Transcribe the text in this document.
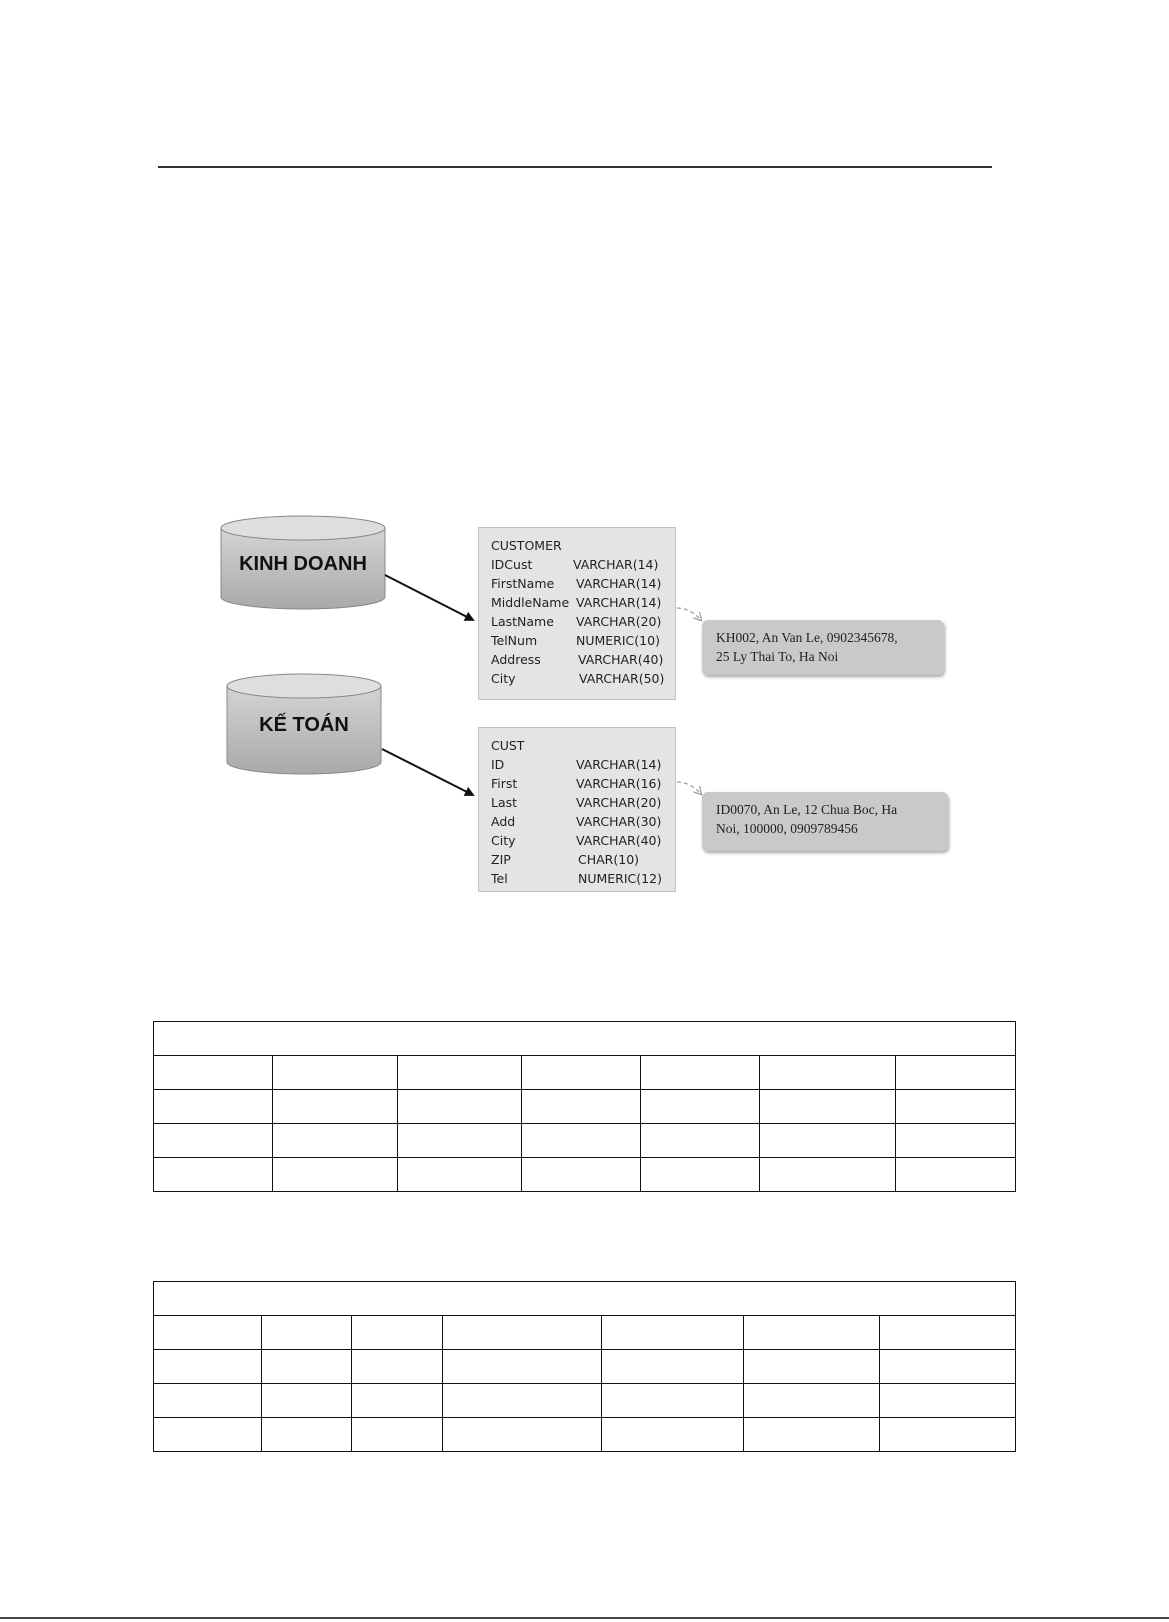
KINH DOANH
KẾ TOÁN
CUSTOMER
IDCust	VARCHAR(14)
FirstName VARCHAR(14)
MiddleName VARCHAR(14)
LastName VARCHAR(20)
TelNum	NUMERIC(10)
Address	VARCHAR(40)
City	VARCHAR(50)
CUST
ID	VARCHAR(14)
First	VARCHAR(16)
Last	VARCHAR(20)
Add	VARCHAR(30)
City	VARCHAR(40)
ZIP	CHAR(10)
Tel	NUMERIC(12)
KH002, An Van Le, 0902345678,
25 Ly Thai To, Ha Noi
ID0070, An Le, 12 Chua Boc, Ha
Noi, 100000, 0909789456
